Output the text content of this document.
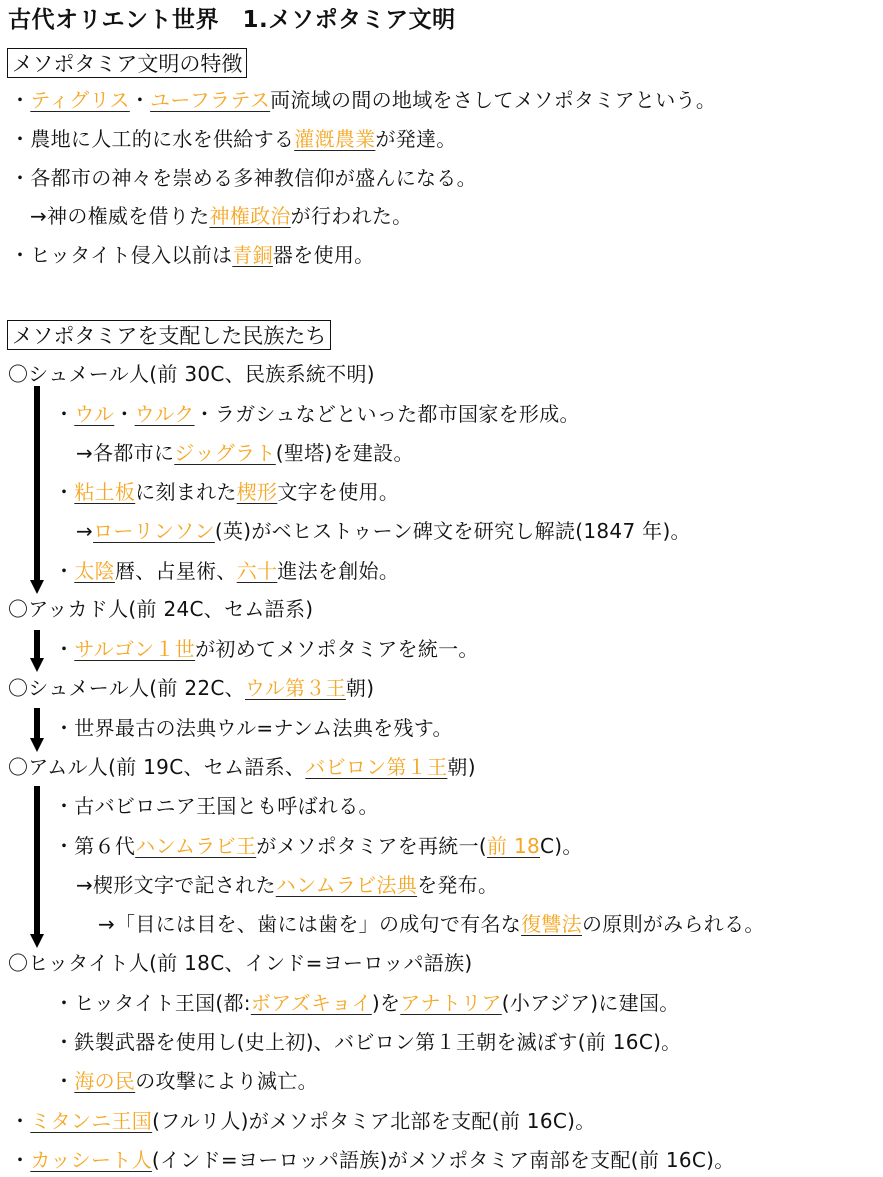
古代オリエント世界　1.メソポタミア文明
メソポタミア文明の特徴
・ティグリス・ユーフラテス両流域の間の地域をさしてメソポタミアという。
・農地に人工的に水を供給する灌漑農業が発達。
・各都市の神々を崇める多神教信仰が盛んになる。
→神の権威を借りた神権政治が行われた。
・ヒッタイト侵入以前は青銅器を使用。
メソポタミアを支配した民族たち
〇シュメール人(前 30C、民族系統不明)
・ウル・ウルク・ラガシュなどといった都市国家を形成。
→各都市にジッグラト(聖塔)を建設。
・粘土板に刻まれた楔形文字を使用。
→ローリンソン(英)がベヒストゥーン碑文を研究し解読(1847 年)。
・太陰暦、占星術、六十進法を創始。
〇アッカド人(前 24C、セム語系)
・サルゴン１世が初めてメソポタミアを統一。
〇シュメール人(前 22C、ウル第３王朝)
・世界最古の法典ウル=ナンム法典を残す。
〇アムル人(前 19C、セム語系、バビロン第１王朝)
・古バビロニア王国とも呼ばれる。
・第６代ハンムラビ王がメソポタミアを再統一(前 18C)。
→楔形文字で記されたハンムラビ法典を発布。
→「目には目を、歯には歯を」の成句で有名な復讐法の原則がみられる。
〇ヒッタイト人(前 18C、インド=ヨーロッパ語族)
・ヒッタイト王国(都:ボアズキョイ)をアナトリア(小アジア)に建国。
・鉄製武器を使用し(史上初)、バビロン第１王朝を滅ぼす(前 16C)。
・海の民の攻撃により滅亡。
・ミタンニ王国(フルリ人)がメソポタミア北部を支配(前 16C)。
・カッシート人(インド=ヨーロッパ語族)がメソポタミア南部を支配(前 16C)。
